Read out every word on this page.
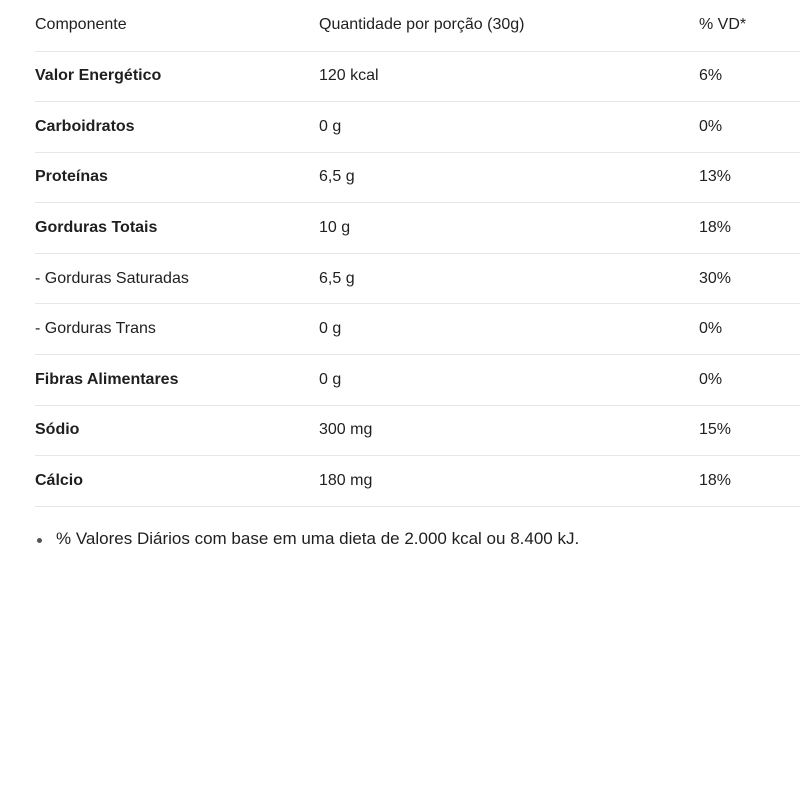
Componente	Quantidade por porção (30g)	% VD*
Valor Energético	120 kcal	6%
Carboidratos	0 g	0%
Proteínas	6,5 g	13%
Gorduras Totais	10 g	18%
- Gorduras Saturadas	6,5 g	30%
- Gorduras Trans	0 g	0%
Fibras Alimentares	0 g	0%
Sódio	300 mg	15%
Cálcio	180 mg	18%
% Valores Diários com base em uma dieta de 2.000 kcal ou 8.400 kJ.
